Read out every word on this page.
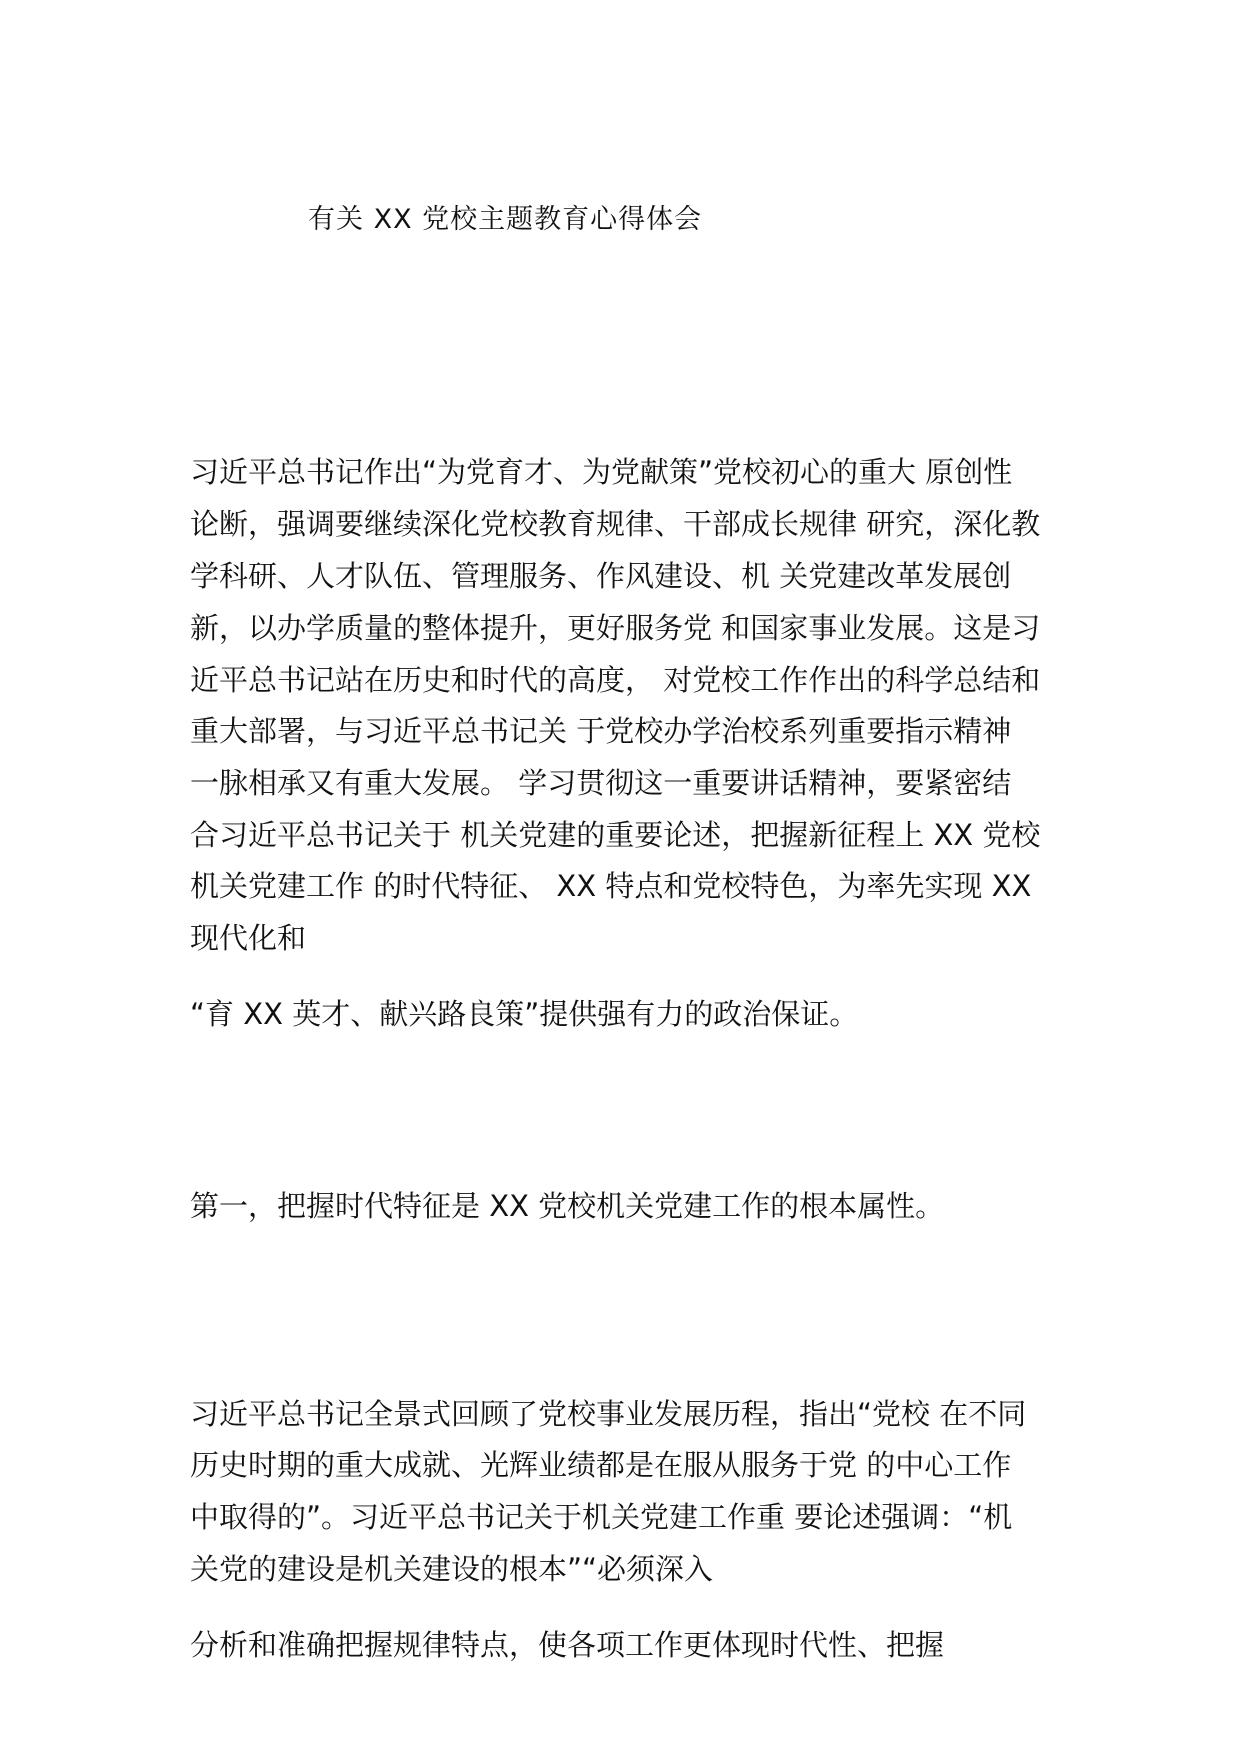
有关 XX 党校主题教育心得体会
习近平总书记作出“为党育才、为党献策”党校初心的重大 原创性
论断，强调要继续深化党校教育规律、干部成长规律 研究，深化教
学科研、人才队伍、管理服务、作风建设、机 关党建改革发展创
新，以办学质量的整体提升，更好服务党 和国家事业发展。这是习
近平总书记站在历史和时代的高度， 对党校工作作出的科学总结和
重大部署，与习近平总书记关 于党校办学治校系列重要指示精神
一脉相承又有重大发展。 学习贯彻这一重要讲话精神，要紧密结
合习近平总书记关于 机关党建的重要论述，把握新征程上 XX 党校
机关党建工作 的时代特征、 XX 特点和党校特色，为率先实现 XX
现代化和
“育 XX 英才、献兴路良策”提供强有力的政治保证。
第一，把握时代特征是 XX 党校机关党建工作的根本属性。
习近平总书记全景式回顾了党校事业发展历程，指出“党校 在不同
历史时期的重大成就、光辉业绩都是在服从服务于党 的中心工作
中取得的”。习近平总书记关于机关党建工作重 要论述强调：“机
关党的建设是机关建设的根本”“必须深入
分析和准确把握规律特点，使各项工作更体现时代性、把握
